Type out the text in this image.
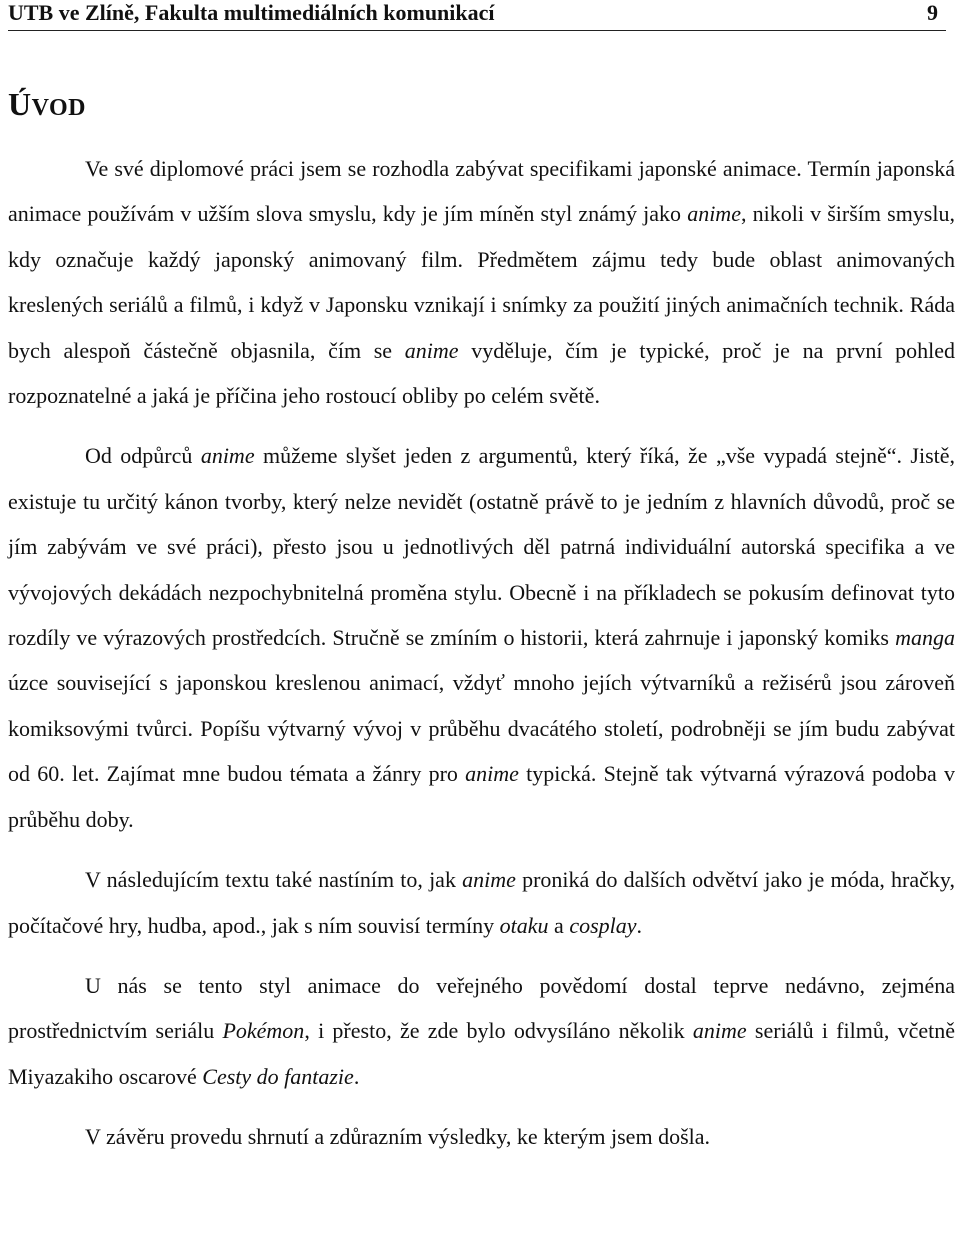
UTB ve Zlíně, Fakulta multimediálních komunikací	9
ÚVOD

Ve své diplomové práci jsem se rozhodla zabývat specifikami japonské animace. Termín japonská animace používám v užším slova smyslu, kdy je jím míněn styl známý jako anime, nikoli v širším smyslu, kdy označuje každý japonský animovaný film. Předmětem zájmu tedy bude oblast animovaných kreslených seriálů a filmů, i když v Japonsku vznikají i snímky za použití jiných animačních technik. Ráda bych alespoň částečně objasnila, čím se anime vyděluje, čím je typické, proč je na první pohled rozpoznatelné a jaká je příčina jeho rostoucí obliby po celém světě.

Od odpůrců anime můžeme slyšet jeden z argumentů, který říká, že „vše vypadá stejně“. Jistě, existuje tu určitý kánon tvorby, který nelze nevidět (ostatně právě to je jedním z hlavních důvodů, proč se jím zabývám ve své práci), přesto jsou u jednotlivých děl patrná individuální autorská specifika a ve vývojových dekádách nezpochybnitelná proměna stylu. Obecně i na příkladech se pokusím definovat tyto rozdíly ve výrazových prostředcích. Stručně se zmíním o historii, která zahrnuje i japonský komiks manga úzce související s japonskou kreslenou animací, vždyť mnoho jejích výtvarníků a režisérů jsou zároveň komiksovými tvůrci. Popíšu výtvarný vývoj v průběhu dvacátého století, podrobněji se jím budu zabývat od 60. let. Zajímat mne budou témata a žánry pro anime typická. Stejně tak výtvarná výrazová podoba v průběhu doby.

V následujícím textu také nastíním to, jak anime proniká do dalších odvětví jako je móda, hračky, počítačové hry, hudba, apod., jak s ním souvisí termíny otaku a cosplay.

U nás se tento styl animace do veřejného povědomí dostal teprve nedávno, zejména prostřednictvím seriálu Pokémon, i přesto, že zde bylo odvysíláno několik anime seriálů i filmů, včetně Miyazakiho oscarové Cesty do fantazie.

V závěru provedu shrnutí a zdůrazním výsledky, ke kterým jsem došla.
